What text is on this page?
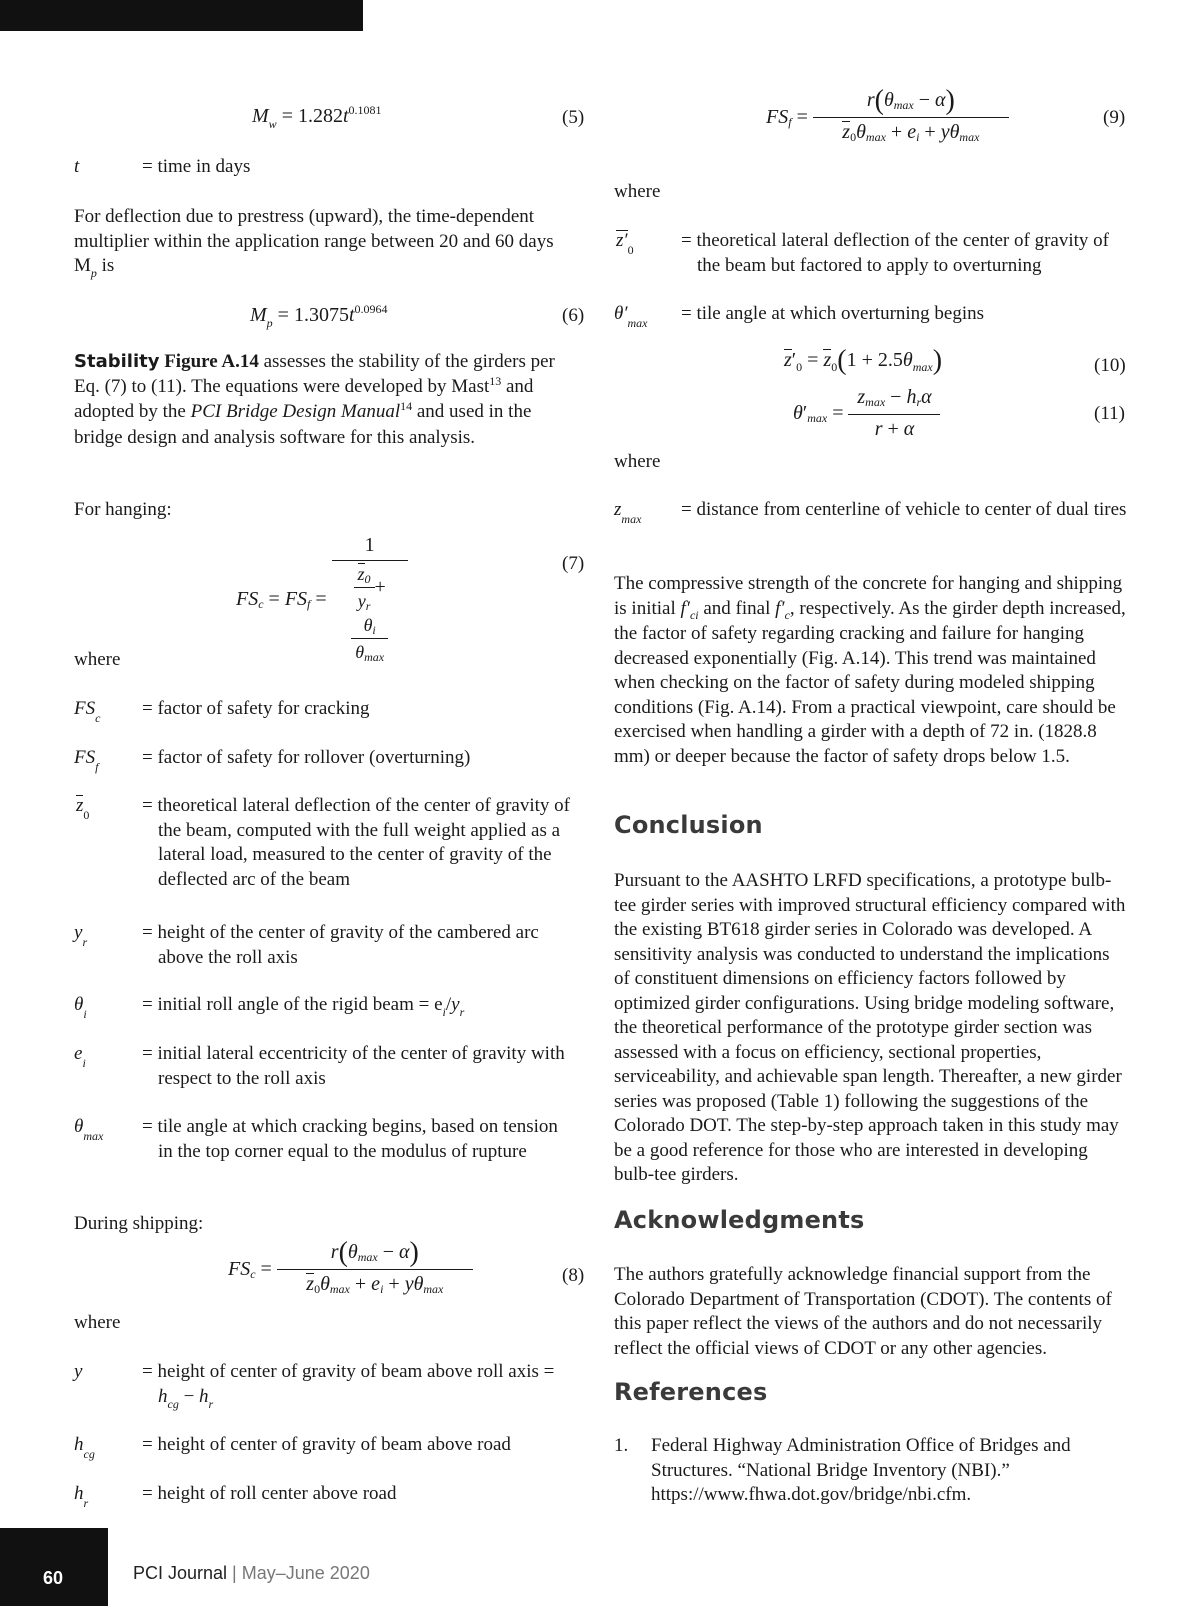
$M_w = 1.282t^{0.1081}$	(5)
t	= time in days
For deflection due to prestress (upward), the time-dependent multiplier within the application range between 20 and 60 days $M_p$ is
$M_p = 1.3075t^{0.0964}$	(6)
Stability Figure A.14 assesses the stability of the girders per Eq. (7) to (11). The equations were developed by Mast$^{13}$ and adopted by the PCI Bridge Design Manual$^{14}$ and used in the bridge design and analysis software for this analysis.
For hanging:
FS c = FS f = 1
$\frac{z0}{yr}$ +
$\frac{\theta i}{\theta\max}$	(7)
where
$FS_c$ = factor of safety for cracking
$FS_f$ = factor of safety for rollover (overturning)
$z_0$	= theoretical lateral deflection of the center of gravity of the beam, computed with the full weight applied as a lateral load, measured to the center of gravity of the deflected arc of the beam
$y_r$	= height of the center of gravity of the cambered arc above the roll axis
$\theta_i$	= initial roll angle of the rigid beam = $e_i/y_r$
$e_i$	= initial lateral eccentricity of the center of gravity with respect to the roll axis
$\theta_{max}$ = tile angle at which cracking begins, based on tension in the top corner equal to the modulus of rupture
During shipping:
FS $c = \frac{r(\theta\max - \alpha)}{z0\theta\max + ei + y\theta\max}$	(8)
where
y	= height of center of gravity of beam above roll axis =
$h_{cg} - h_r$
$h_{cg}$ = height of center of gravity of beam above road
$h_r$	= height of roll center above road
FS $f = \frac{r(\theta\max - \alpha)}{z0\theta\max + ei + y\theta\max}$	(9)
where
$z'_0$ = theoretical lateral deflection of the center of gravity of the beam but factored to apply to overturning
$\theta'_{max}$ = tile angle at which overturning begins
$z'_0 = z_0(1 + 2.5\theta_{max})$	(10)
θ ′ $\max = \frac{\text{zmax − hrα}}{r + \alpha}$	(11)
where
$z_{max}$ = distance from centerline of vehicle to center of dual tires
The compressive strength of the concrete for hanging and shipping is initial $f'_{ci}$ and final $f'_c$, respectively. As the girder depth increased, the factor of safety regarding cracking and failure for hanging decreased exponentially (Fig. A.14). This trend was maintained when checking on the factor of safety during modeled shipping conditions (Fig. A.14). From a practical viewpoint, care should be exercised when handling a girder with a depth of 72 in. (1828.8 mm) or deeper because the factor of safety drops below 1.5.
Conclusion
Pursuant to the AASHTO LRFD specifications, a prototype bulb-tee girder series with improved structural efficiency compared with the existing BT618 girder series in Colorado was developed. A sensitivity analysis was conducted to understand the implications of constituent dimensions on efficiency factors followed by optimized girder configurations. Using bridge modeling software, the theoretical performance of the prototype girder section was assessed with a focus on efficiency, sectional properties, serviceability, and achievable span length. Thereafter, a new girder series was proposed (Table 1) following the suggestions of the Colorado DOT. The step-by-step approach taken in this study may be a good reference for those who are interested in developing bulb-tee girders.
Acknowledgments
The authors gratefully acknowledge financial support from the Colorado Department of Transportation (CDOT). The contents of this paper reflect the views of the authors and do not necessarily reflect the official views of CDOT or any other agencies.
References
1. Federal Highway Administration Office of Bridges and Structures. “National Bridge Inventory (NBI).” https://www.fhwa.dot.gov/bridge/nbi.cfm.
60	PCI Journal | May–June 2020
